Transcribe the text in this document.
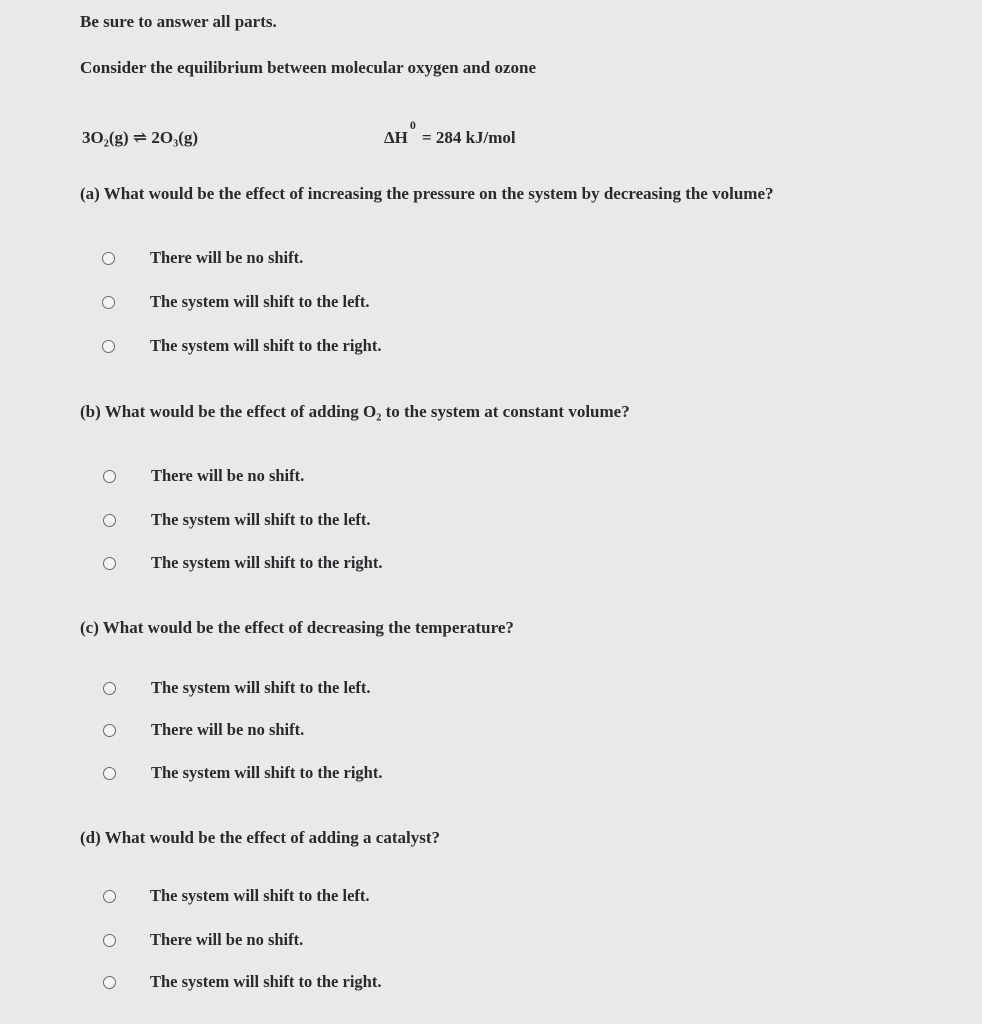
Be sure to answer all parts.
Consider the equilibrium between molecular oxygen and ozone
3O₂(g) ⇌ 2O₃(g)	$\Delta H^0= 284$ kJ/mol
(a) What would be the effect of increasing the pressure on the system by decreasing the volume?
There will be no shift.
The system will shift to the left.
The system will shift to the right.
(b) What would be the effect of adding O₂ to the system at constant volume?
There will be no shift.
The system will shift to the left.
The system will shift to the right.
(c) What would be the effect of decreasing the temperature?
The system will shift to the left.
There will be no shift.
The system will shift to the right.
(d) What would be the effect of adding a catalyst?
The system will shift to the left.
There will be no shift.
The system will shift to the right.
